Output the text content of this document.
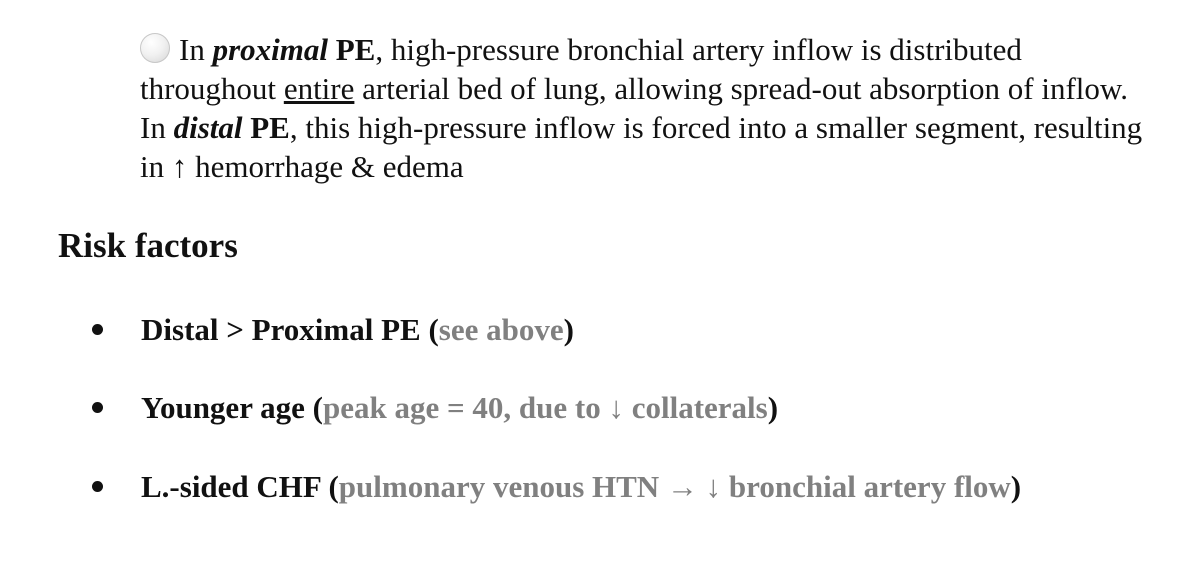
In proximal PE, high-pressure bronchial artery inflow is distributed throughout entire arterial bed of lung, allowing spread-out absorption of inflow. In distal PE, this high-pressure inflow is forced into a smaller segment, resulting in ↑ hemorrhage & edema
Risk factors
Distal > Proximal PE (see above)
Younger age (peak age = 40, due to ↓ collaterals)
L.-sided CHF (pulmonary venous HTN → ↓ bronchial artery flow)
